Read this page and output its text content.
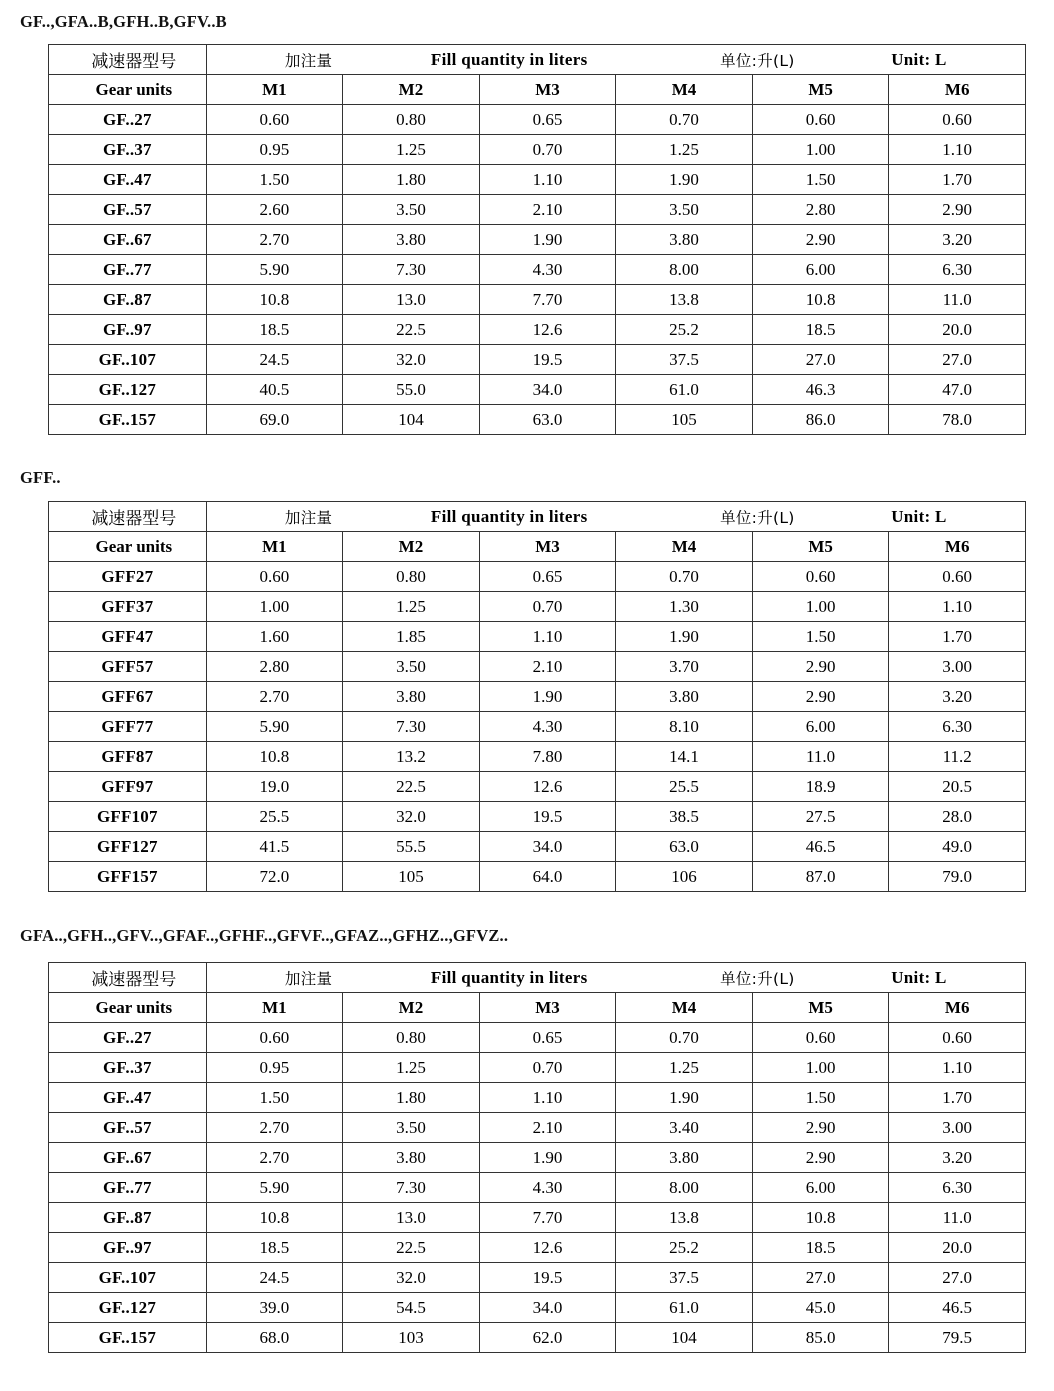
GF..,GFA..B,GFH..B,GFV..B
减速器型号	加注量 Fill quantity in liters 单位:升(L) Unit: L					

Gear units	M1	M2	M3	M4	M5	M6
GF..27	0.60	0.80	0.65	0.70	0.60	0.60
GF..37	0.95	1.25	0.70	1.25	1.00	1.10
GF..47	1.50	1.80	1.10	1.90	1.50	1.70
GF..57	2.60	3.50	2.10	3.50	2.80	2.90
GF..67	2.70	3.80	1.90	3.80	2.90	3.20
GF..77	5.90	7.30	4.30	8.00	6.00	6.30
GF..87	10.8	13.0	7.70	13.8	10.8	11.0
GF..97	18.5	22.5	12.6	25.2	18.5	20.0
GF..107	24.5	32.0	19.5	37.5	27.0	27.0
GF..127	40.5	55.0	34.0	61.0	46.3	47.0
GF..157	69.0	104	63.0	105	86.0	78.0
GFF..
减速器型号	加注量 Fill quantity in liters 单位:升(L) Unit: L					

Gear units	M1	M2	M3	M4	M5	M6
GFF27	0.60	0.80	0.65	0.70	0.60	0.60
GFF37	1.00	1.25	0.70	1.30	1.00	1.10
GFF47	1.60	1.85	1.10	1.90	1.50	1.70
GFF57	2.80	3.50	2.10	3.70	2.90	3.00
GFF67	2.70	3.80	1.90	3.80	2.90	3.20
GFF77	5.90	7.30	4.30	8.10	6.00	6.30
GFF87	10.8	13.2	7.80	14.1	11.0	11.2
GFF97	19.0	22.5	12.6	25.5	18.9	20.5
GFF107	25.5	32.0	19.5	38.5	27.5	28.0
GFF127	41.5	55.5	34.0	63.0	46.5	49.0
GFF157	72.0	105	64.0	106	87.0	79.0
GFA..,GFH..,GFV..,GFAF..,GFHF..,GFVF..,GFAZ..,GFHZ..,GFVZ..
减速器型号	加注量 Fill quantity in liters 单位:升(L) Unit: L					

Gear units	M1	M2	M3	M4	M5	M6
GF..27	0.60	0.80	0.65	0.70	0.60	0.60
GF..37	0.95	1.25	0.70	1.25	1.00	1.10
GF..47	1.50	1.80	1.10	1.90	1.50	1.70
GF..57	2.70	3.50	2.10	3.40	2.90	3.00
GF..67	2.70	3.80	1.90	3.80	2.90	3.20
GF..77	5.90	7.30	4.30	8.00	6.00	6.30
GF..87	10.8	13.0	7.70	13.8	10.8	11.0
GF..97	18.5	22.5	12.6	25.2	18.5	20.0
GF..107	24.5	32.0	19.5	37.5	27.0	27.0
GF..127	39.0	54.5	34.0	61.0	45.0	46.5
GF..157	68.0	103	62.0	104	85.0	79.5
